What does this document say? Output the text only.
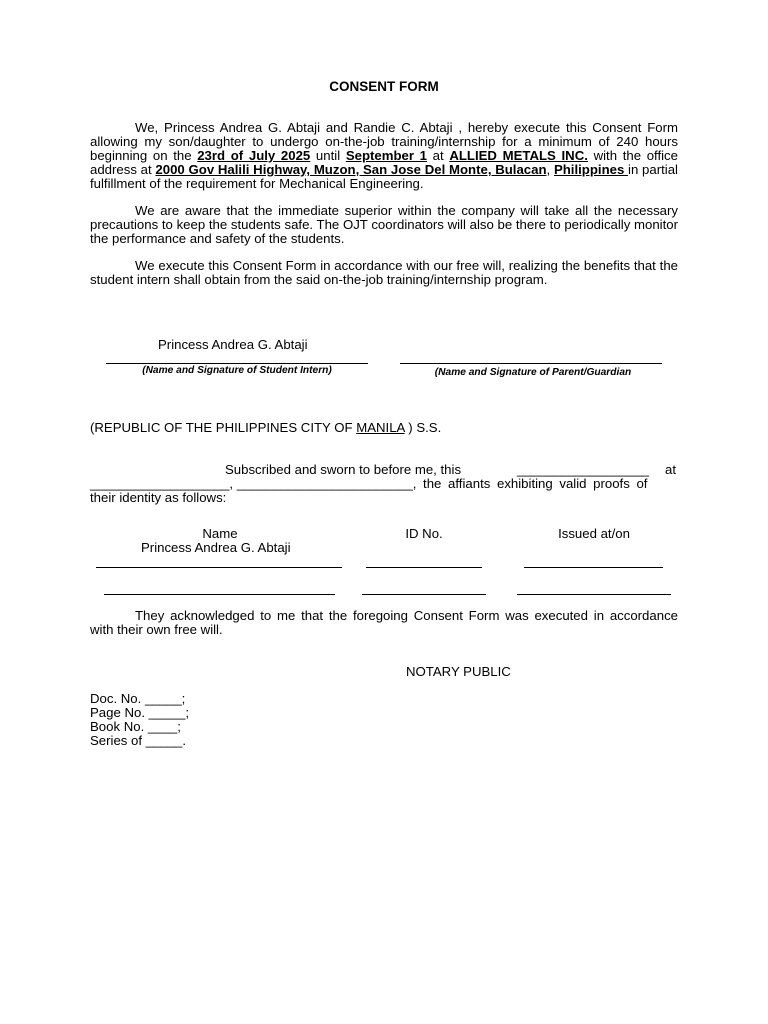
CONSENT FORM
We, Princess Andrea G. Abtaji and Randie C. Abtaji , hereby execute this Consent Form allowing my son/daughter to undergo on-the-job training/internship for a minimum of 240 hours beginning on the 23rd of July 2025 until September 1 at ALLIED METALS INC. with the office address at 2000 Gov Halili Highway, Muzon, San Jose Del Monte, Bulacan, Philippines in partial fulfillment of the requirement for Mechanical Engineering.
We are aware that the immediate superior within the company will take all the necessary precautions to keep the students safe. The OJT coordinators will also be there to periodically monitor the performance and safety of the students.
We execute this Consent Form in accordance with our free will, realizing the benefits that the student intern shall obtain from the said on-the-job training/internship program.
Princess Andrea G. Abtaji
(Name and Signature of Student Intern)	(Name and Signature of Parent/Guardian
(REPUBLIC OF THE PHILIPPINES CITY OF MANILA ) S.S.
Subscribed and sworn to before me, this	__________________ at
___________________, ________________________, the affiants exhibiting valid proofs of
their identity as follows:
Name	ID No.	Issued at/on
Princess Andrea G. Abtaji
They acknowledged to me that the foregoing Consent Form was executed in accordance with their own free will.
NOTARY PUBLIC
Doc. No. _____;
Page No. _____;
Book No. ____;
Series of _____.
